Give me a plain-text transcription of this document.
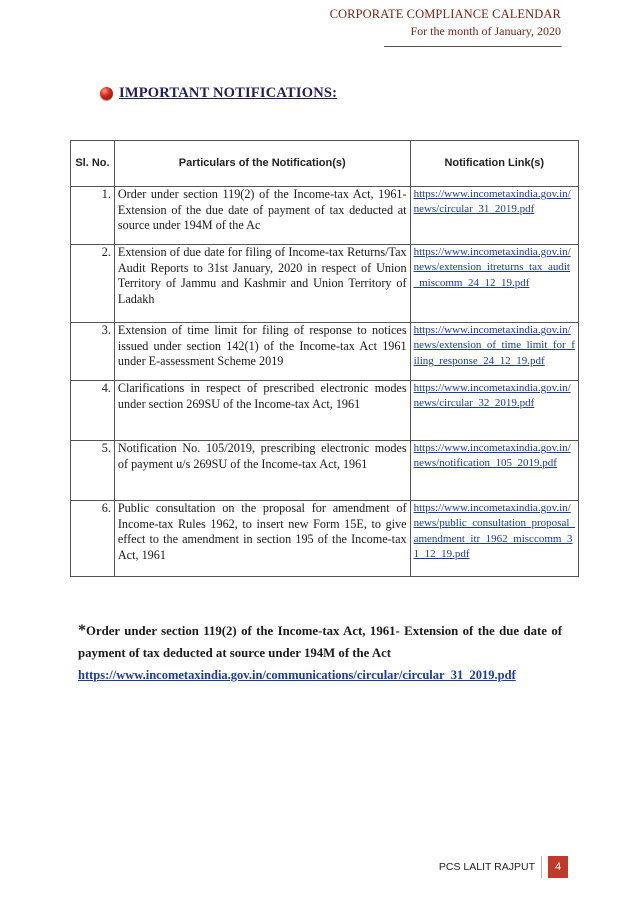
CORPORATE COMPLIANCE CALENDAR
For the month of January, 2020
------------------------------------------------------------------------
IMPORTANT NOTIFICATIONS:
Sl. No.	Particulars of the Notification(s)	Notification Link(s)
1.	Order under section 119(2) of the Income-tax Act, 1961- Extension of the due date of payment of tax deducted at source under 194M of the Ac	https://www.incometaxindia.gov.in/news/circular_31_2019.pdf

2.	Extension of due date for filing of Income-tax Returns/Tax Audit Reports to 31st January, 2020 in respect of Union Territory of Jammu and Kashmir and Union Territory of Ladakh	https://www.incometaxindia.gov.in/news/extension_itreturns_tax_audit_miscomm_24_12_19.pdf

3.	Extension of time limit for filing of response to notices issued under section 142(1) of the Income-tax Act 1961 under E-assessment Scheme 2019	https://www.incometaxindia.gov.in/news/extension_of_time_limit_for_filing_response_24_12_19.pdf

4.	Clarifications in respect of prescribed electronic modes under section 269SU of the Income-tax Act, 1961	https://www.incometaxindia.gov.in/news/circular_32_2019.pdf

5.	Notification No. 105/2019, prescribing electronic modes of payment u/s 269SU of the Income-tax Act, 1961	https://www.incometaxindia.gov.in/news/notification_105_2019.pdf

6.	Public consultation on the proposal for amendment of Income-tax Rules 1962, to insert new Form 15E, to give effect to the amendment in section 195 of the Income-tax Act, 1961	https://www.incometaxindia.gov.in/news/public_consultation_proposal_amendment_itr_1962_misccomm_31_12_19.pdf
*Order under section 119(2) of the Income-tax Act, 1961- Extension of the due date of payment of tax deducted at source under 194M of the Act
https://www.incometaxindia.gov.in/communications/circular/circular_31_2019.pdf
PCS LALIT RAJPUT	4
